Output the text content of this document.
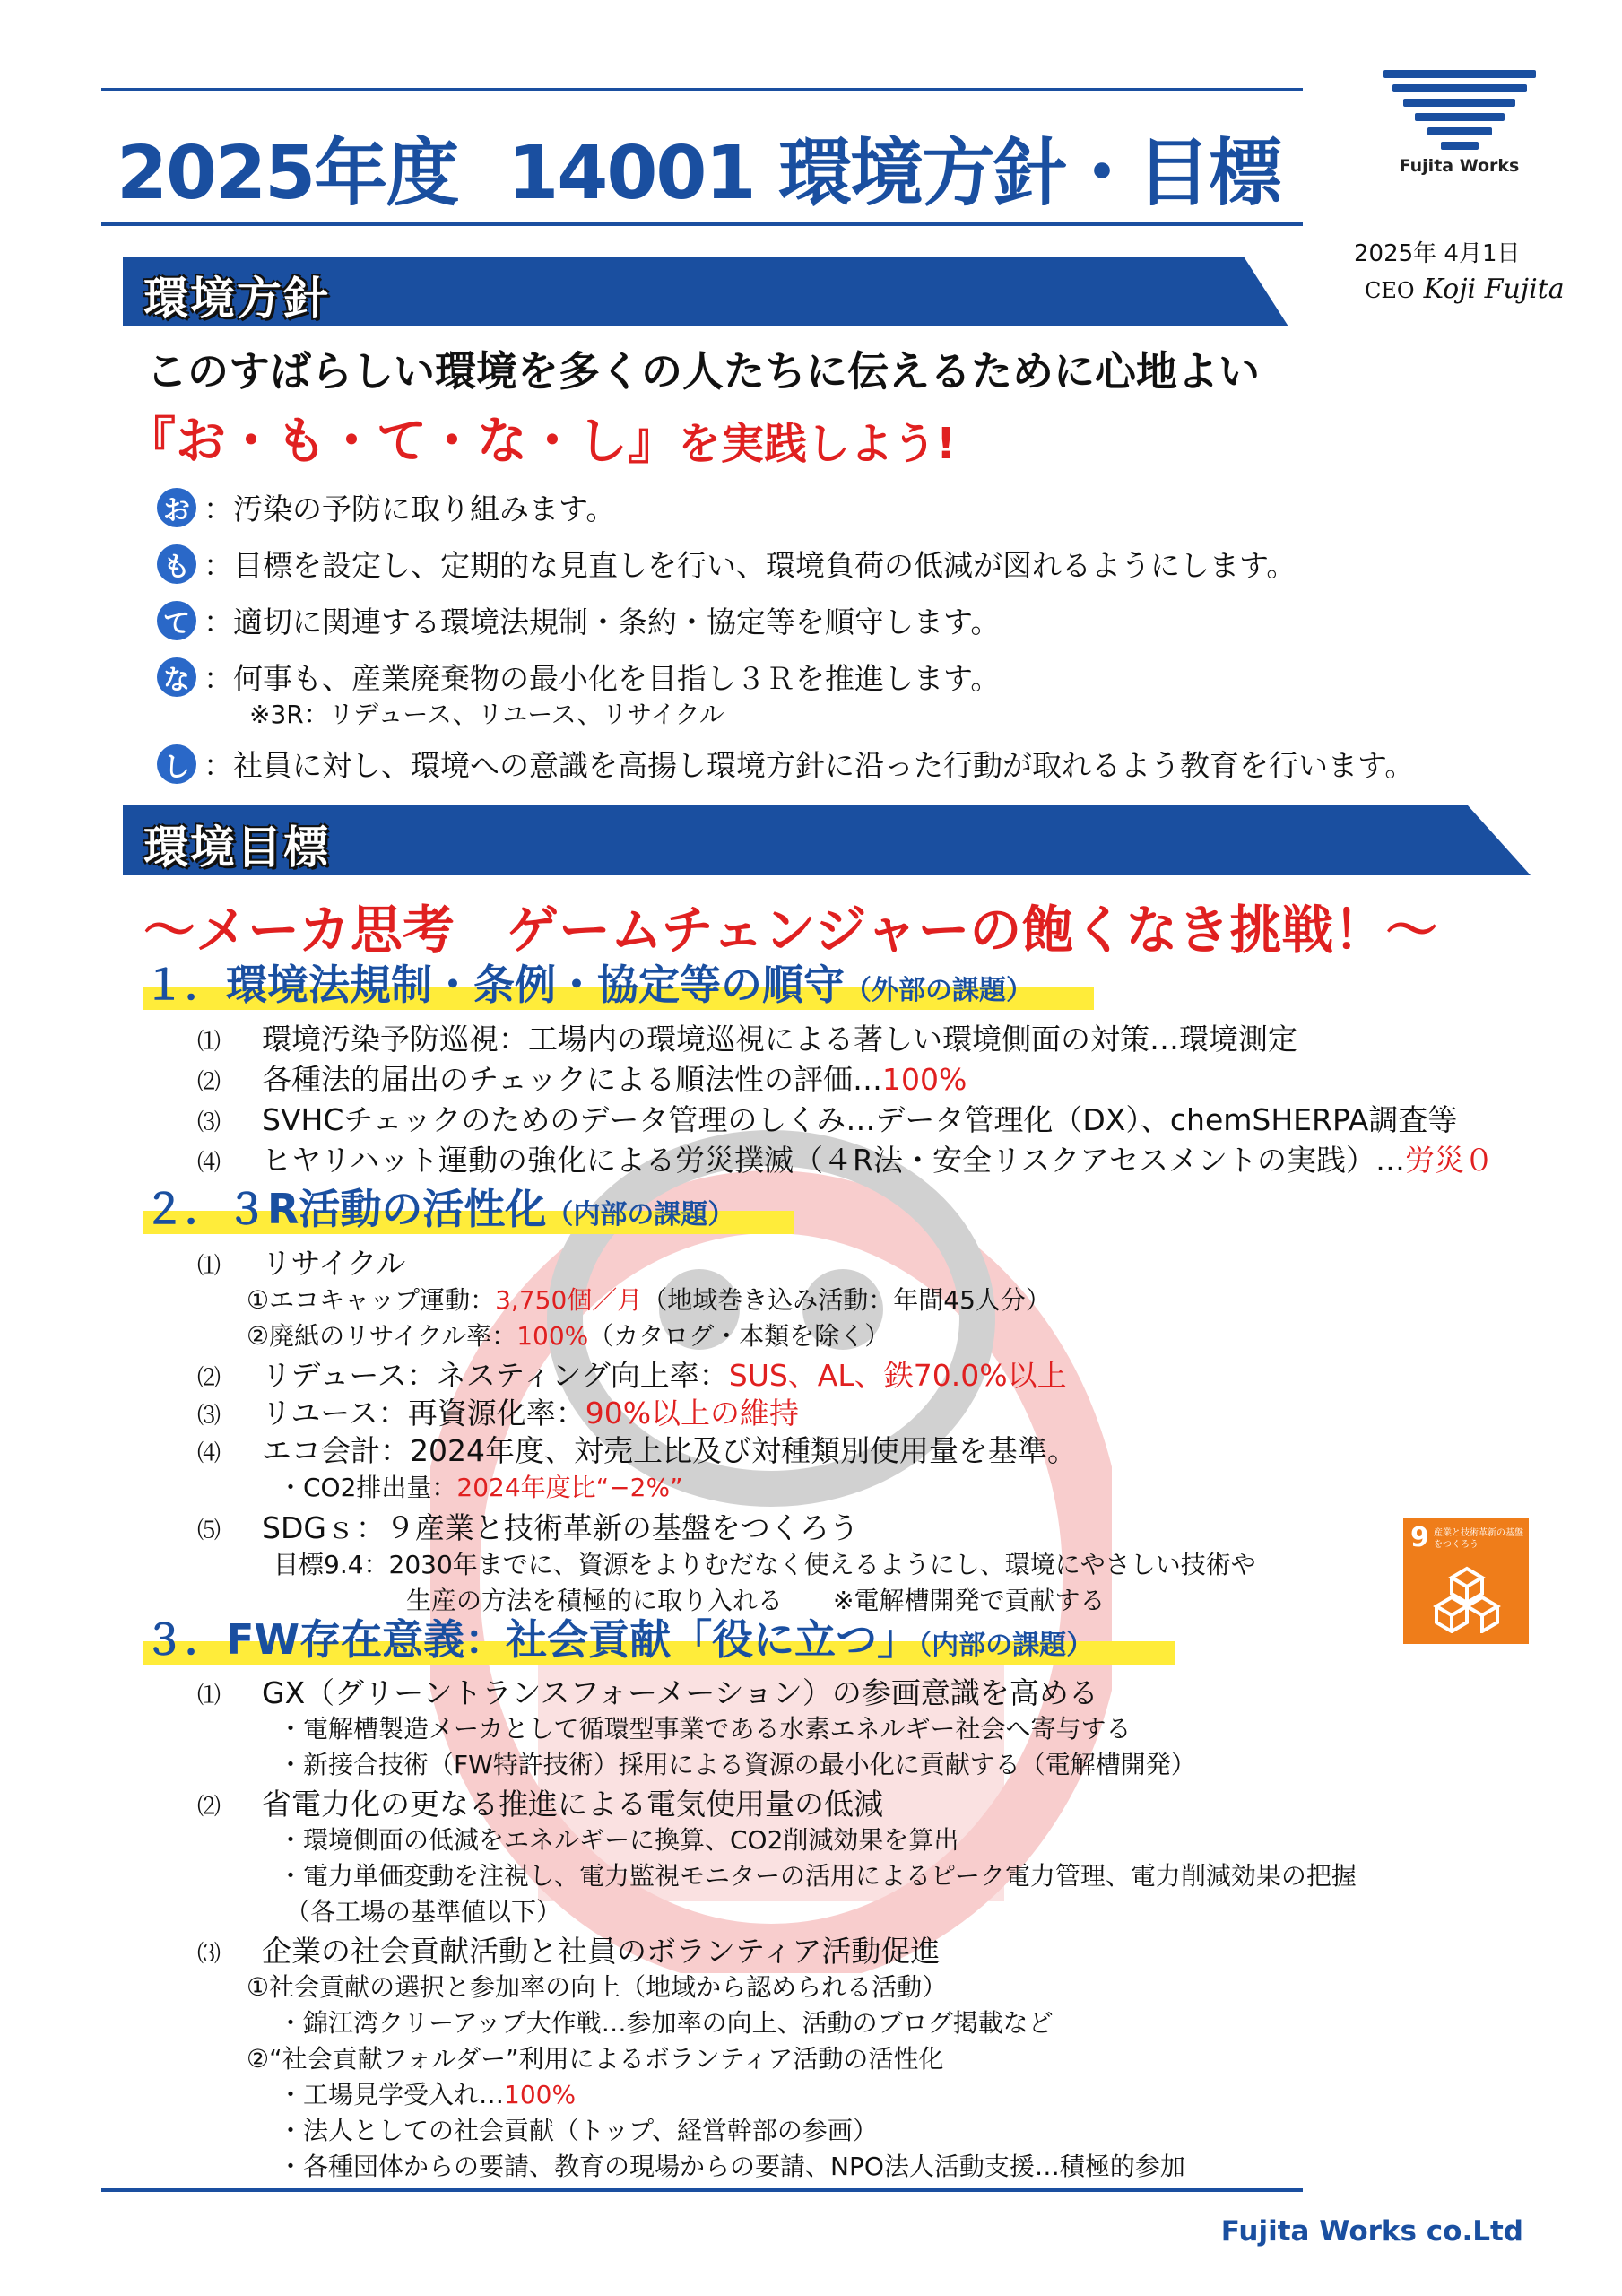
2025年度 14001 環境方針・目標	Fujita Works
2025年 4月1日
CEO Koji Fujita
環境方針
このすばらしい環境を多くの人たちに伝えるために心地よい
『お・も・て・な・し』を実践しよう!
お ：汚染の予防に取り組みます。
も ：目標を設定し、定期的な見直しを行い、環境負荷の低減が図れるようにします。
て ：適切に関連する環境法規制・条約・協定等を順守します。
な ：何事も、産業廃棄物の最小化を目指し３Ｒを推進します。
※3R：リデュース、リユース、リサイクル
し ：社員に対し、環境への意識を高揚し環境方針に沿った行動が取れるよう教育を行います。
環境目標
～メーカ思考　ゲームチェンジャーの飽くなき挑戦！～
１．環境法規制・条例・協定等の順守（外部の課題）
⑴ 環境汚染予防巡視：工場内の環境巡視による著しい環境側面の対策…環境測定
⑵ 各種法的届出のチェックによる順法性の評価…100%
⑶ SVHCチェックのためのデータ管理のしくみ…データ管理化（DX）、chemSHERPA調査等
⑷ ヒヤリハット運動の強化による労災撲滅（４R法・安全リスクアセスメントの実践）…労災０
２．３R活動の活性化（内部の課題）
⑴ リサイクル
①エコキャップ運動：3,750個／月（地域巻き込み活動：年間45人分）
②廃紙のリサイクル率：100%（カタログ・本類を除く）
⑵ リデュース：ネスティング向上率：SUS、AL、鉄70.0%以上
⑶ リユース：再資源化率：90%以上の維持
⑷ エコ会計：2024年度、対売上比及び対種類別使用量を基準。
・CO2排出量：2024年度比“−2%”
⑸ SDGｓ：９産業と技術革新の基盤をつくろう
目標9.4：2030年までに、資源をよりむだなく使えるようにし、環境にやさしい技術や
生産の方法を積極的に取り入れる　　※電解槽開発で貢献する
9 産業と技術革新の基盤をつくろう
３．FW存在意義：社会貢献「役に立つ」（内部の課題）
⑴ GX（グリーントランスフォーメーション）の参画意識を高める
・電解槽製造メーカとして循環型事業である水素エネルギー社会へ寄与する
・新接合技術（FW特許技術）採用による資源の最小化に貢献する（電解槽開発）
⑵ 省電力化の更なる推進による電気使用量の低減
・環境側面の低減をエネルギーに換算、CO2削減効果を算出
・電力単価変動を注視し、電力監視モニターの活用によるピーク電力管理、電力削減効果の把握
（各工場の基準値以下）
⑶ 企業の社会貢献活動と社員のボランティア活動促進
①社会貢献の選択と参加率の向上（地域から認められる活動）
・錦江湾クリーアップ大作戦…参加率の向上、活動のブログ掲載など
②“社会貢献フォルダー”利用によるボランティア活動の活性化
・工場見学受入れ…100%
・法人としての社会貢献（トップ、経営幹部の参画）
・各種団体からの要請、教育の現場からの要請、NPO法人活動支援…積極的参加
Fujita Works co.Ltd
